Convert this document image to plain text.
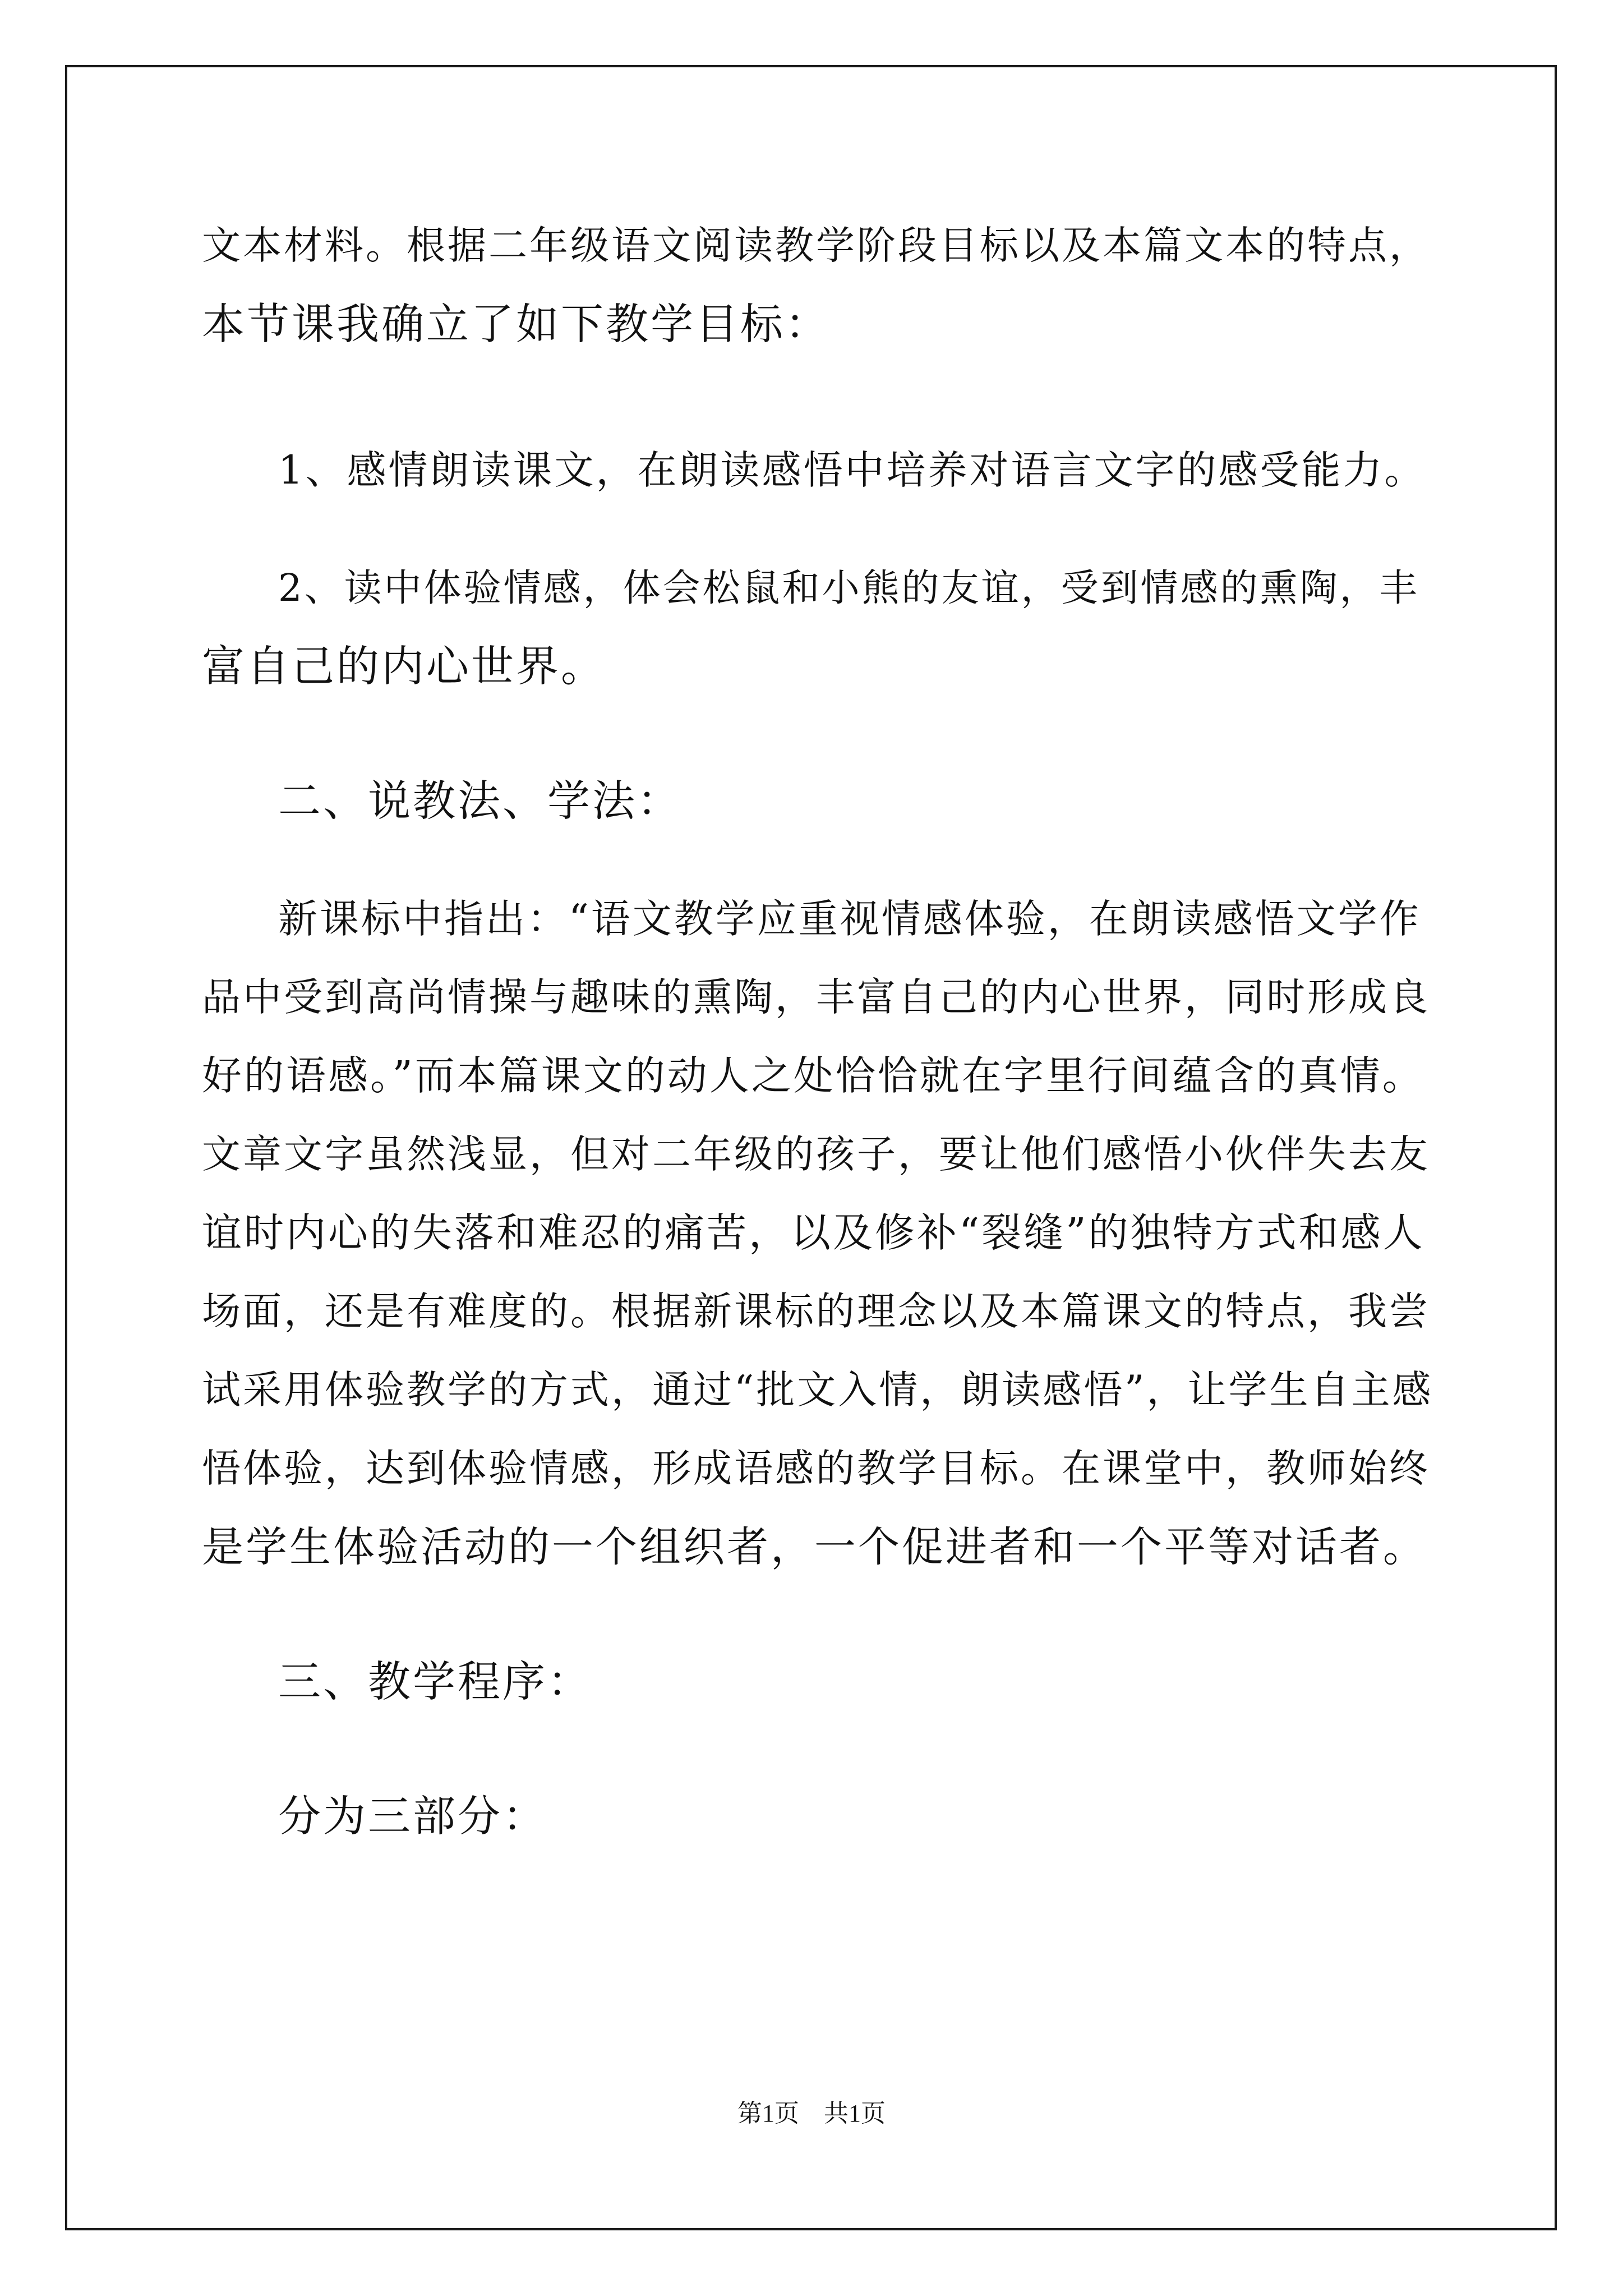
文本材料。根据二年级语文阅读教学阶段目标以及本篇文本的特点，
本节课我确立了如下教学目标：
1、感情朗读课文，在朗读感悟中培养对语言文字的感受能力。
2、读中体验情感，体会松鼠和小熊的友谊，受到情感的熏陶，丰
富自己的内心世界。
二、说教法、学法：
新课标中指出：“语文教学应重视情感体验，在朗读感悟文学作
品中受到高尚情操与趣味的熏陶，丰富自己的内心世界，同时形成良
好的语感。”而本篇课文的动人之处恰恰就在字里行间蕴含的真情。
文章文字虽然浅显，但对二年级的孩子，要让他们感悟小伙伴失去友
谊时内心的失落和难忍的痛苦，以及修补“裂缝”的独特方式和感人
场面，还是有难度的。根据新课标的理念以及本篇课文的特点，我尝
试采用体验教学的方式，通过“批文入情，朗读感悟”，让学生自主感
悟体验，达到体验情感，形成语感的教学目标。在课堂中，教师始终
是学生体验活动的一个组织者，一个促进者和一个平等对话者。
三、教学程序：
分为三部分：
第1页　共1页
